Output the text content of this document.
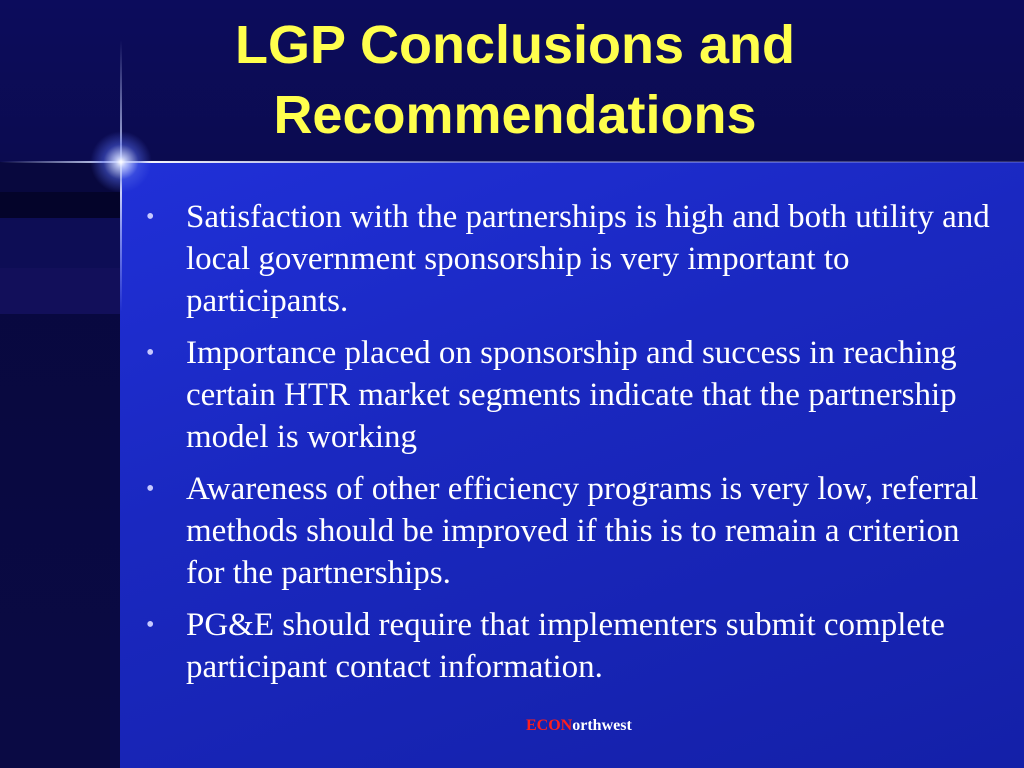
LGP Conclusions and
Recommendations
• Satisfaction with the partnerships is high and both utility and local government sponsorship is very important to participants.
• Importance placed on sponsorship and success in reaching certain HTR market segments indicate that the partnership model is working
• Awareness of other efficiency programs is very low, referral methods should be improved if this is to remain a criterion for the partnerships.
• PG&E should require that implementers submit complete participant contact information.
ECONorthwest
